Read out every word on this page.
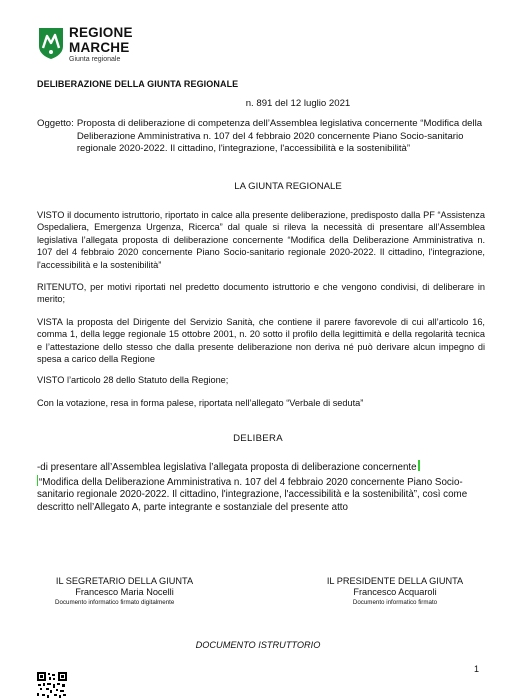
REGIONE
MARCHE
Giunta regionale
DELIBERAZIONE DELLA GIUNTA REGIONALE
n. 891 del 12 luglio 2021
Oggetto: Proposta di deliberazione di competenza dell’Assemblea legislativa concernente “Modifica della Deliberazione Amministrativa n. 107 del 4 febbraio 2020 concernente Piano Socio-sanitario regionale 2020-2022. Il cittadino, l'integrazione, l'accessibilità e la sostenibilità”
LA GIUNTA REGIONALE
VISTO il documento istruttorio, riportato in calce alla presente deliberazione, predisposto dalla PF “Assistenza Ospedaliera, Emergenza Urgenza, Ricerca” dal quale si rileva la necessità di presentare all’Assemblea legislativa l’allegata proposta di deliberazione concernente “Modifica della Deliberazione Amministrativa n. 107 del 4 febbraio 2020 concernente Piano Socio-sanitario regionale 2020-2022. Il cittadino, l'integrazione, l'accessibilità e la sostenibilità”
RITENUTO, per motivi riportati nel predetto documento istruttorio e che vengono condivisi, di deliberare in merito;
VISTA la proposta del Dirigente del Servizio Sanità, che contiene il parere favorevole di cui all’articolo 16, comma 1, della legge regionale 15 ottobre 2001, n. 20 sotto il profilo della legittimità e della regolarità tecnica e l’attestazione dello stesso che dalla presente deliberazione non deriva né può derivare alcun impegno di spesa a carico della Regione
VISTO l’articolo 28 dello Statuto della Regione;
Con la votazione, resa in forma palese, riportata nell’allegato “Verbale di seduta”
DELIBERA
-di presentare all’Assemblea legislativa l’allegata proposta di deliberazione concernente
“Modifica della Deliberazione Amministrativa n. 107 del 4 febbraio 2020 concernente Piano Socio-sanitario regionale 2020-2022. Il cittadino, l'integrazione, l'accessibilità e la sostenibilità”, così come descritto nell’Allegato A, parte integrante e sostanziale del presente atto
IL SEGRETARIO DELLA GIUNTA
Francesco Maria Nocelli
Documento informatico firmato digitalmente
IL PRESIDENTE DELLA GIUNTA
Francesco Acquaroli
Documento informatico firmato
DOCUMENTO ISTRUTTORIO
1
